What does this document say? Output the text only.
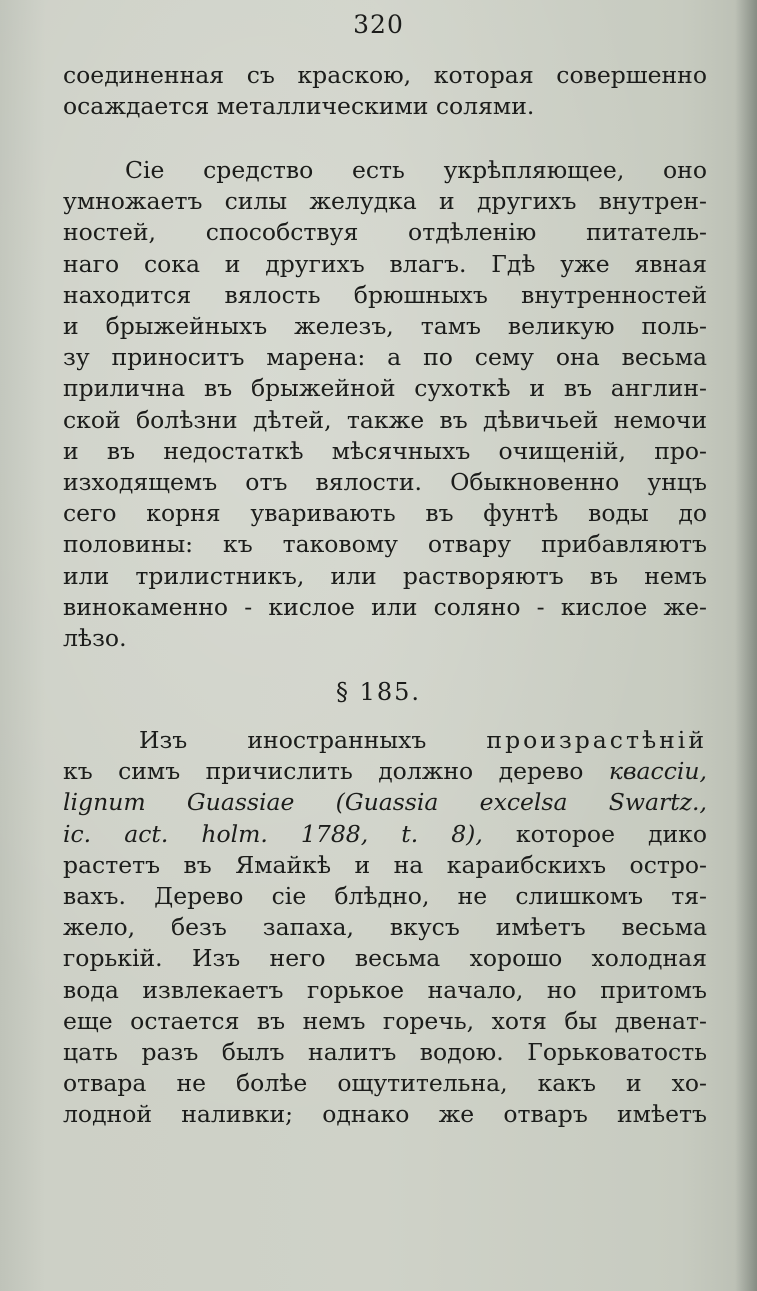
320
соединенная съ краскою, которая совершенно
осаждается металлическими солями.
Сіе средство есть укрѣпляющее, оно
умножаетъ силы желудка и другихъ внутрен-
ностей, способствуя отдѣленію питатель-
наго сока и другихъ влагъ. Гдѣ уже явная
находится вялость брюшныхъ внутренностей
и брыжейныхъ железъ, тамъ великую поль-
зу приноситъ марена: а по сему она весьма
прилична въ брыжейной сухоткѣ и въ англин-
ской болѣзни дѣтей, также въ дѣвичьей немочи
и въ недостаткѣ мѣсячныхъ очищеній, про-
изходящемъ отъ вялости. Обыкновенно унцъ
сего корня уваривають въ фунтѣ воды до
половины: къ таковому отвару прибавляютъ
или трилистникъ, или растворяютъ въ немъ
винокаменно - кислое или соляно - кислое же-
лѣзо.
§ 185.
Изъ	иностранныхъ	произрастѣній
къ симъ причислить должно дерево квассіи,
lignum Guassiae (Guassia excelsa Swartz.,
ic. act. holm. 1788, t. 8), которое дико
растетъ въ Ямайкѣ и на караибскихъ остро-
вахъ. Дерево сіе блѣдно, не слишкомъ тя-
жело, безъ запаха, вкусъ имѣетъ весьма
горькій. Изъ него весьма хорошо холодная
вода извлекаетъ горькое начало, но притомъ
еще остается въ немъ горечь, хотя бы двенат-
цать разъ былъ налитъ водою. Горьковатость
отвара не болѣе ощутительна, какъ и хо-
лодной наливки; однако же отваръ имѣетъ
